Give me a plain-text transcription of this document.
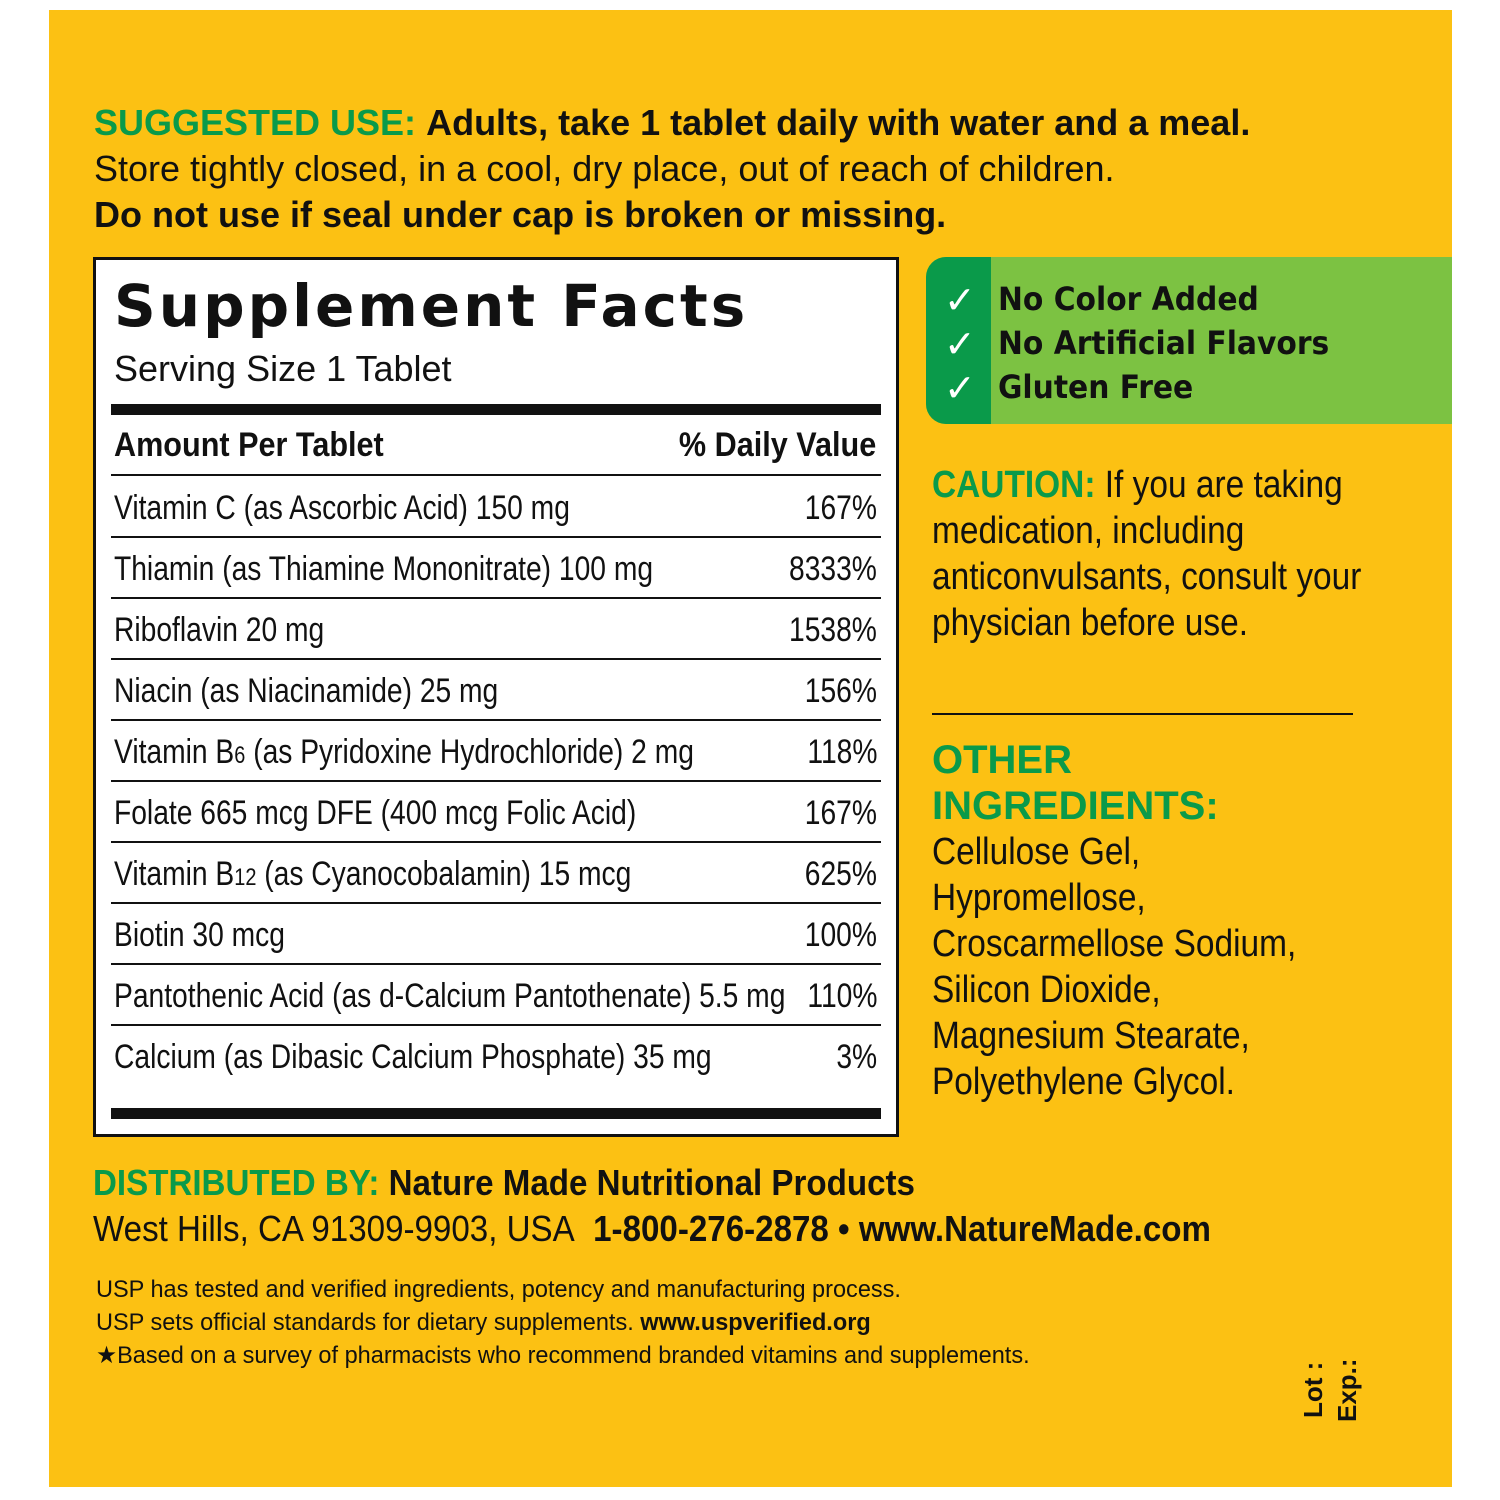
SUGGESTED USE: Adults, take 1 tablet daily with water and a meal.
Store tightly closed, in a cool, dry place, out of reach of children.
Do not use if seal under cap is broken or missing.
Supplement Facts
Serving Size 1 Tablet
Amount Per Tablet	% Daily Value
Vitamin C (as Ascorbic Acid) 150 mg	167%
Thiamin (as Thiamine Mononitrate) 100 mg	8333%
Riboflavin 20 mg	1538%
Niacin (as Niacinamide) 25 mg	156%
Vitamin B6 (as Pyridoxine Hydrochloride) 2 mg	118%
Folate 665 mcg DFE (400 mcg Folic Acid)	167%
Vitamin B12 (as Cyanocobalamin) 15 mcg	625%
Biotin 30 mcg	100%
Pantothenic Acid (as d-Calcium Pantothenate) 5.5 mg 110%
Calcium (as Dibasic Calcium Phosphate) 35 mg	3%
✓ No Color Added
✓ No Artificial Flavors
✓ Gluten Free
CAUTION: If you are taking medication, including anticonvulsants, consult your physician before use.
OTHER
INGREDIENTS:
Cellulose Gel,
Hypromellose,
Croscarmellose Sodium,
Silicon Dioxide,
Magnesium Stearate,
Polyethylene Glycol.
DISTRIBUTED BY: Nature Made Nutritional Products
West Hills, CA 91309-9903, USA 1-800-276-2878 • www.NatureMade.com
USP has tested and verified ingredients, potency and manufacturing process.
USP sets official standards for dietary supplements. www.uspverified.org
★Based on a survey of pharmacists who recommend branded vitamins and supplements.
Lot : Exp.:
